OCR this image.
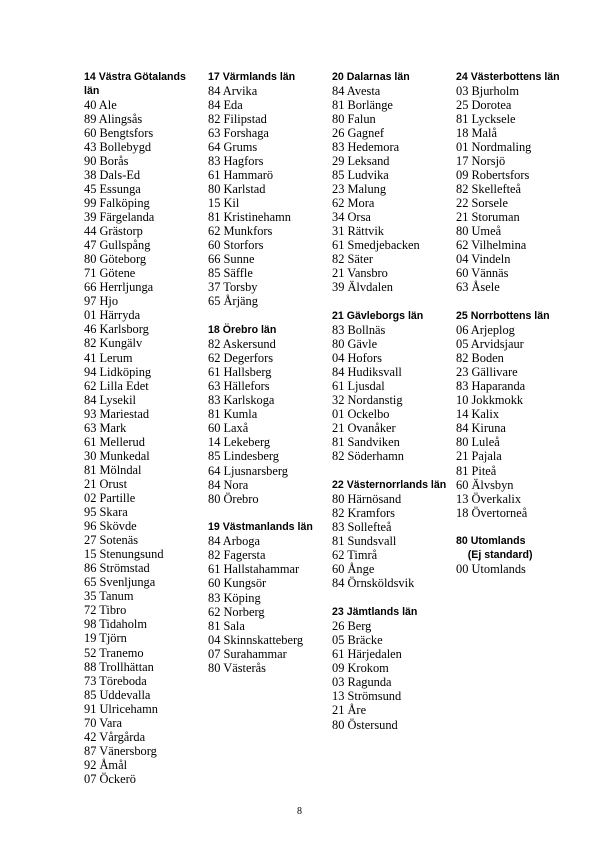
14 Västra Götalands län
40 Ale
89 Alingsås
60 Bengtsfors
43 Bollebygd
90 Borås
38 Dals-Ed
45 Essunga
99 Falköping
39 Färgelanda
44 Grästorp
47 Gullspång
80 Göteborg
71 Götene
66 Herrljunga
97 Hjo
01 Härryda
46 Karlsborg
82 Kungälv
41 Lerum
94 Lidköping
62 Lilla Edet
84 Lysekil
93 Mariestad
63 Mark
61 Mellerud
30 Munkedal
81 Mölndal
21 Orust
02 Partille
95 Skara
96 Skövde
27 Sotenäs
15 Stenungsund
86 Strömstad
65 Svenljunga
35 Tanum
72 Tibro
98 Tidaholm
19 Tjörn
52 Tranemo
88 Trollhättan
73 Töreboda
85 Uddevalla
91 Ulricehamn
70 Vara
42 Vårgårda
87 Vänersborg
92 Åmål
07 Öckerö
17 Värmlands län
84 Arvika
84 Eda
82 Filipstad
63 Forshaga
64 Grums
83 Hagfors
61 Hammarö
80 Karlstad
15 Kil
81 Kristinehamn
62 Munkfors
60 Storfors
66 Sunne
85 Säffle
37 Torsby
65 Årjäng
18 Örebro län
82 Askersund
62 Degerfors
61 Hallsberg
63 Hällefors
83 Karlskoga
81 Kumla
60 Laxå
14 Lekeberg
85 Lindesberg
64 Ljusnarsberg
84 Nora
80 Örebro
19 Västmanlands län
84 Arboga
82 Fagersta
61 Hallstahammar
60 Kungsör
83 Köping
62 Norberg
81 Sala
04 Skinnskatteberg
07 Surahammar
80 Västerås
20 Dalarnas län
84 Avesta
81 Borlänge
80 Falun
26 Gagnef
83 Hedemora
29 Leksand
85 Ludvika
23 Malung
62 Mora
34 Orsa
31 Rättvik
61 Smedjebacken
82 Säter
21 Vansbro
39 Älvdalen
21 Gävleborgs län
83 Bollnäs
80 Gävle
04 Hofors
84 Hudiksvall
61 Ljusdal
32 Nordanstig
01 Ockelbo
21 Ovanåker
81 Sandviken
82 Söderhamn
22 Västernorrlands län
80 Härnösand
82 Kramfors
83 Sollefteå
81 Sundsvall
62 Timrå
60 Ånge
84 Örnsköldsvik
23 Jämtlands län
26 Berg
05 Bräcke
61 Härjedalen
09 Krokom
03 Ragunda
13 Strömsund
21 Åre
80 Östersund
24 Västerbottens län
03 Bjurholm
25 Dorotea
81 Lycksele
18 Malå
01 Nordmaling
17 Norsjö
09 Robertsfors
82 Skellefteå
22 Sorsele
21 Storuman
80 Umeå
62 Vilhelmina
04 Vindeln
60 Vännäs
63 Åsele
25 Norrbottens län
06 Arjeplog
05 Arvidsjaur
82 Boden
23 Gällivare
83 Haparanda
10 Jokkmokk
14 Kalix
84 Kiruna
80 Luleå
21 Pajala
81 Piteå
60 Älvsbyn
13 Överkalix
18 Övertorneå
80 Utomlands
(Ej standard)
00 Utomlands
8
